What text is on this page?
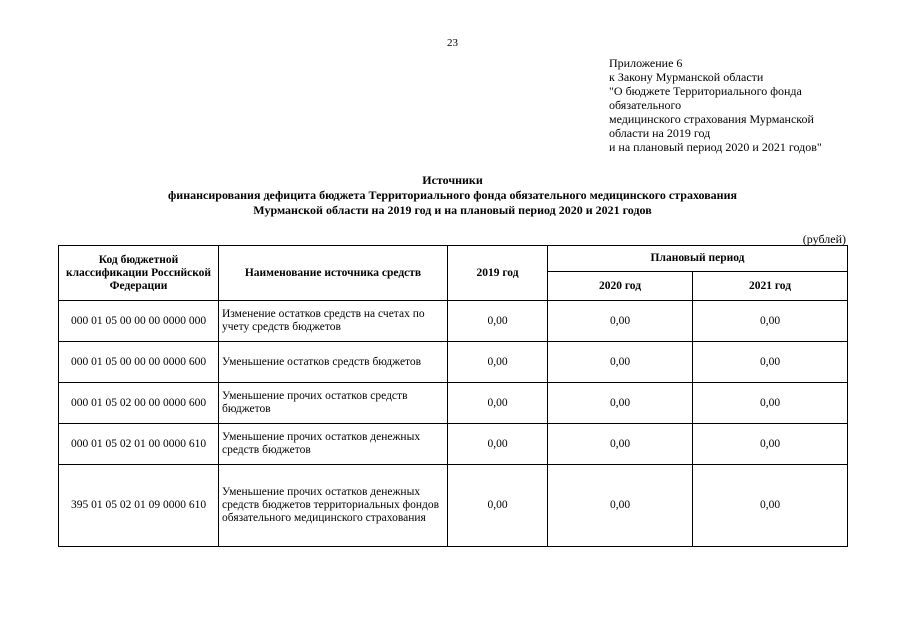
23
Приложение 6
к Закону Мурманской области
"О бюджете Территориального фонда
обязательного
медицинского страхования Мурманской
области на 2019 год
и на плановый период 2020 и 2021 годов"
Источники
финансирования дефицита бюджета Территориального фонда обязательного медицинского страхования
Мурманской области на 2019 год и на плановый период 2020 и 2021 годов
(рублей)
Код бюджетной классификации Российской Федерации	Наименование источника средств	2019 год	Плановый период	
			2020 год	2021 год
000 01 05 00 00 00 0000 000	Изменение остатков средств на счетах по учету средств бюджетов	0,00	0,00	0,00
000 01 05 00 00 00 0000 600	Уменьшение остатков средств бюджетов	0,00	0,00	0,00
000 01 05 02 00 00 0000 600	Уменьшение прочих остатков средств бюджетов	0,00	0,00	0,00
000 01 05 02 01 00 0000 610	Уменьшение прочих остатков денежных средств бюджетов	0,00	0,00	0,00
395 01 05 02 01 09 0000 610	Уменьшение прочих остатков денежных средств бюджетов территориальных фондов обязательного медицинского страхования	0,00	0,00	0,00
